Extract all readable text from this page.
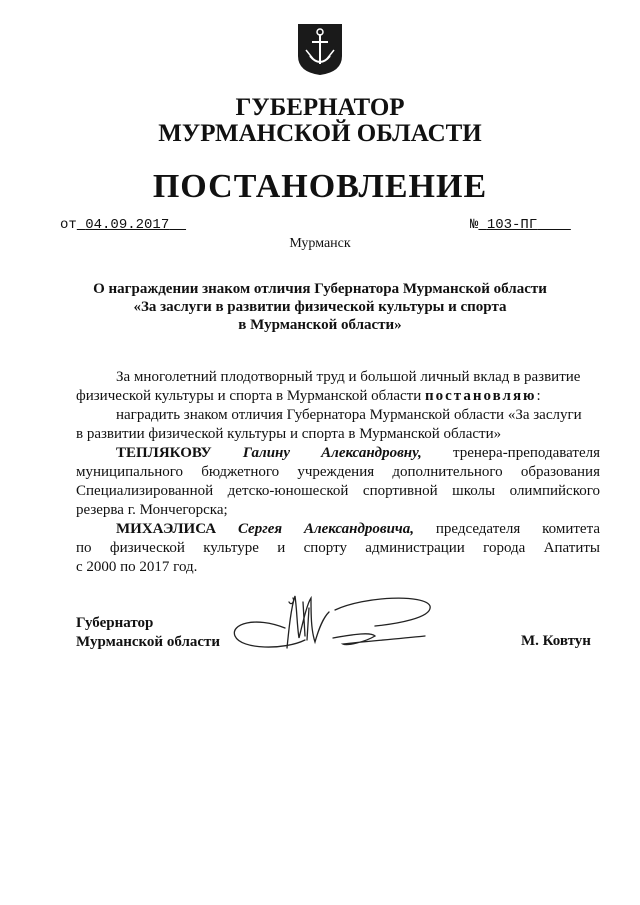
ГУБЕРНАТОР
МУРМАНСКОЙ ОБЛАСТИ
ПОСТАНОВЛЕНИЕ
от 04.09.2017	№ 103-ПГ
Мурманск
О награждении знаком отличия Губернатора Мурманской области
«За заслуги в развитии физической культуры и спорта
в Мурманской области»
За многолетний плодотворный труд и большой личный вклад в развитие
физической культуры и спорта в Мурманской области постановляю:
наградить знаком отличия Губернатора Мурманской области «За заслуги
в развитии физической культуры и спорта в Мурманской области»
ТЕПЛЯКОВУ Галину Александровну, тренера-преподавателя
муниципального бюджетного учреждения дополнительного образования
Специализированной детско-юношеской спортивной школы олимпийского
резерва г. Мончегорска;
МИХАЭЛИСА Сергея Александровича, председателя комитета
по физической культуре и спорту администрации города Апатиты
с 2000 по 2017 год.
Губернатор
Мурманской области	М. Ковтун
